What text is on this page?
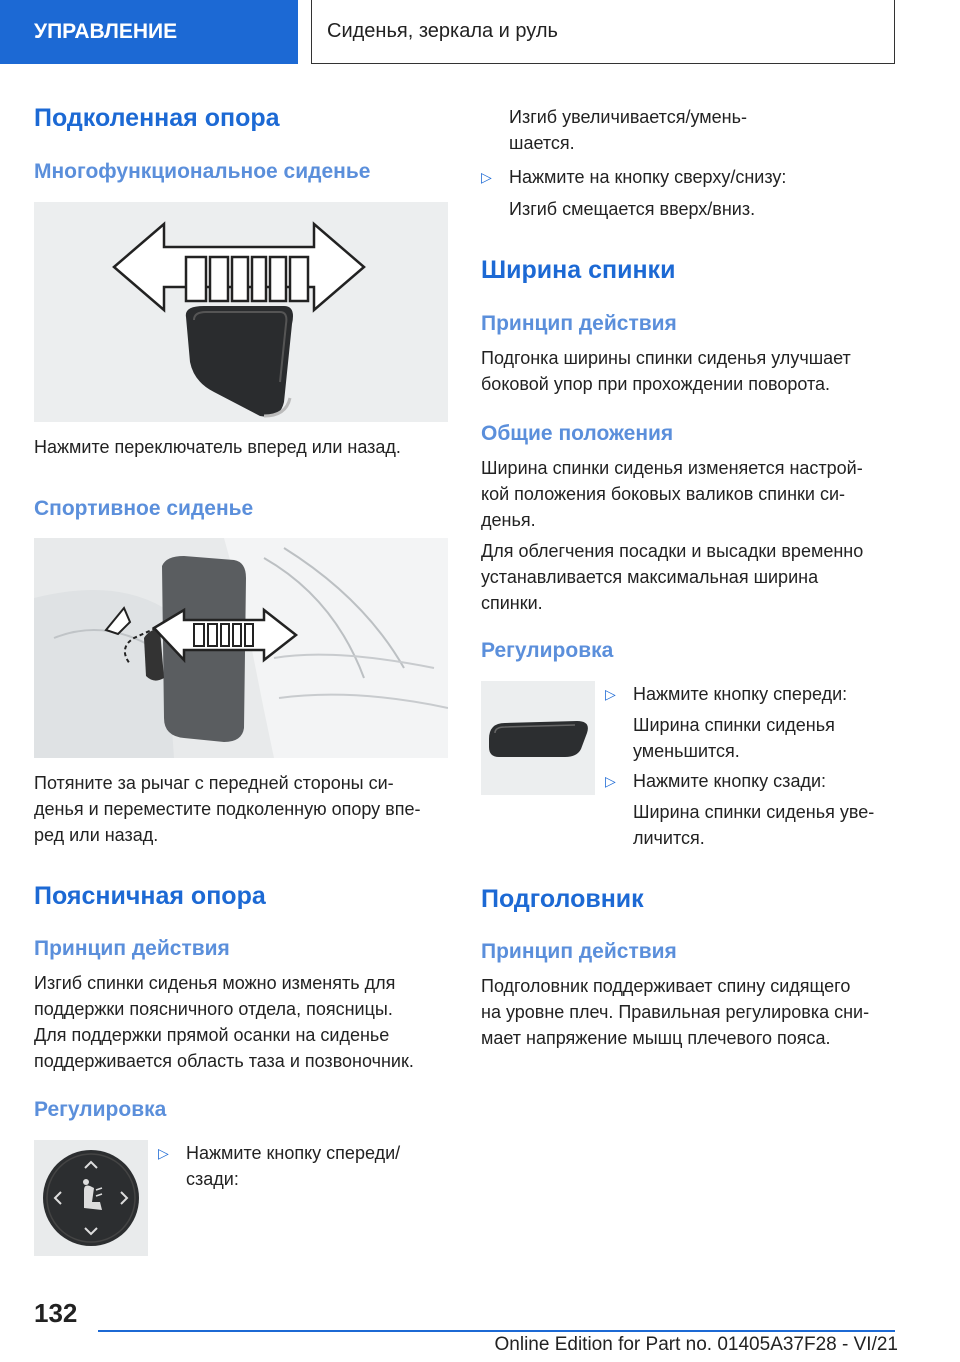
УПРАВЛЕНИЕ	Сиденья, зеркала и руль
Подколенная опора
Многофункциональное сиденье
Нажмите переключатель вперед или назад.
Спортивное сиденье
Потяните за рычаг с передней стороны си-
денья и переместите подколенную опору впе-
ред или назад.
Поясничная опора
Принцип действия
Изгиб спинки сиденья можно изменять для
поддержки поясничного отдела, поясницы.
Для поддержки прямой осанки на сиденье
поддерживается область таза и позвоночник.
Регулировка
▷ Нажмите кнопку спереди/
сзади:
Изгиб увеличивается/умень-
шается.
▷ Нажмите на кнопку сверху/снизу:
Изгиб смещается вверх/вниз.
Ширина спинки
Принцип действия
Подгонка ширины спинки сиденья улучшает
боковой упор при прохождении поворота.
Общие положения
Ширина спинки сиденья изменяется настрой-
кой положения боковых валиков спинки си-
денья.
Для облегчения посадки и высадки временно
устанавливается максимальная ширина
спинки.
Регулировка
▷ Нажмите кнопку спереди:
Ширина спинки сиденья
уменьшится.
▷ Нажмите кнопку сзади:
Ширина спинки сиденья уве-
личится.
Подголовник
Принцип действия
Подголовник поддерживает спину сидящего
на уровне плеч. Правильная регулировка сни-
мает напряжение мышц плечевого пояса.
132
Online Edition for Part no. 01405A37F28 - VI/21
